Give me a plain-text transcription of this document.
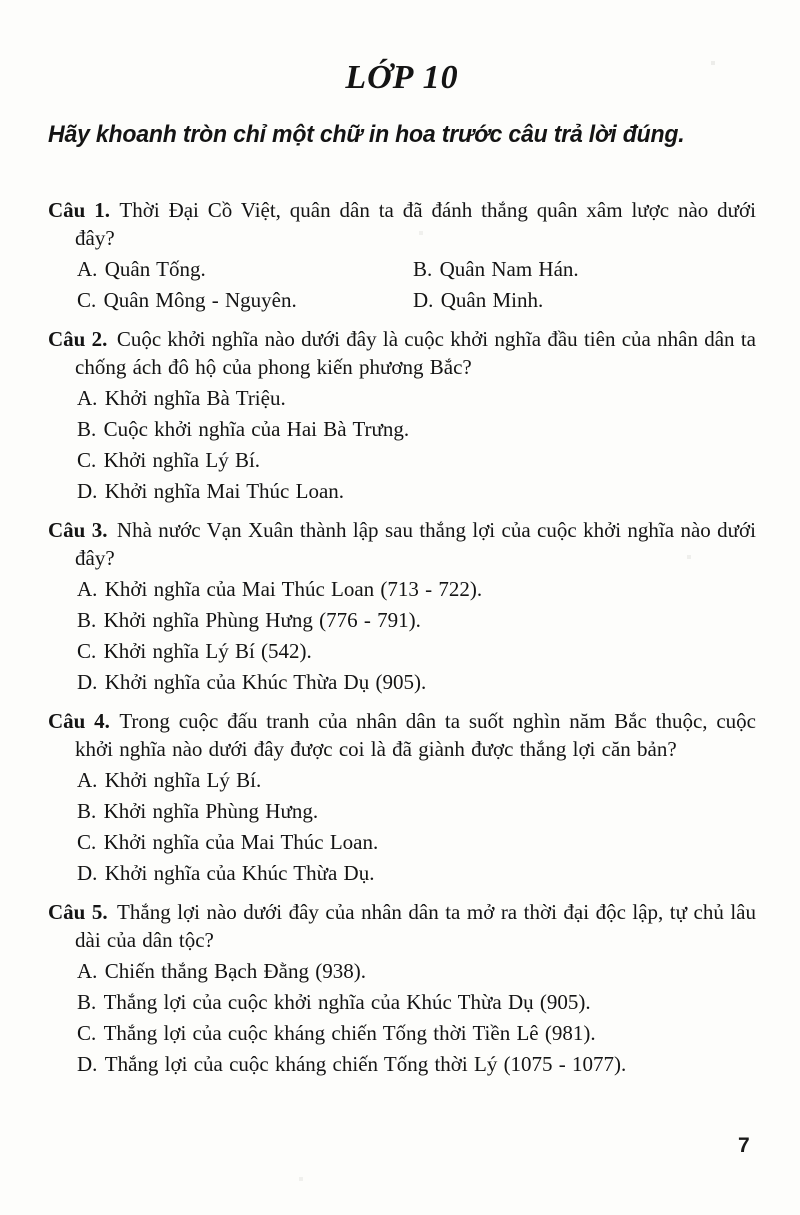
LỚP 10

Hãy khoanh tròn chỉ một chữ in hoa trước câu trả lời đúng.

Câu 1. Thời Đại Cồ Việt, quân dân ta đã đánh thắng quân xâm lược nào dưới đây?

A. Quân Tống.	B. Quân Nam Hán.

C. Quân Mông - Nguyên.	D. Quân Minh.

Câu 2. Cuộc khởi nghĩa nào dưới đây là cuộc khởi nghĩa đầu tiên của nhân dân ta chống ách đô hộ của phong kiến phương Bắc?

A. Khởi nghĩa Bà Triệu.

B. Cuộc khởi nghĩa của Hai Bà Trưng.

C. Khởi nghĩa Lý Bí.

D. Khởi nghĩa Mai Thúc Loan.

Câu 3. Nhà nước Vạn Xuân thành lập sau thắng lợi của cuộc khởi nghĩa nào dưới đây?

A. Khởi nghĩa của Mai Thúc Loan (713 - 722).

B. Khởi nghĩa Phùng Hưng (776 - 791).

C. Khởi nghĩa Lý Bí (542).

D. Khởi nghĩa của Khúc Thừa Dụ (905).

Câu 4. Trong cuộc đấu tranh của nhân dân ta suốt nghìn năm Bắc thuộc, cuộc khởi nghĩa nào dưới đây được coi là đã giành được thắng lợi căn bản?

A. Khởi nghĩa Lý Bí.

B. Khởi nghĩa Phùng Hưng.

C. Khởi nghĩa của Mai Thúc Loan.

D. Khởi nghĩa của Khúc Thừa Dụ.

Câu 5. Thắng lợi nào dưới đây của nhân dân ta mở ra thời đại độc lập, tự chủ lâu dài của dân tộc?

A. Chiến thắng Bạch Đằng (938).

B. Thắng lợi của cuộc khởi nghĩa của Khúc Thừa Dụ (905).

C. Thắng lợi của cuộc kháng chiến Tống thời Tiền Lê (981).

D. Thắng lợi của cuộc kháng chiến Tống thời Lý (1075 - 1077).

7
